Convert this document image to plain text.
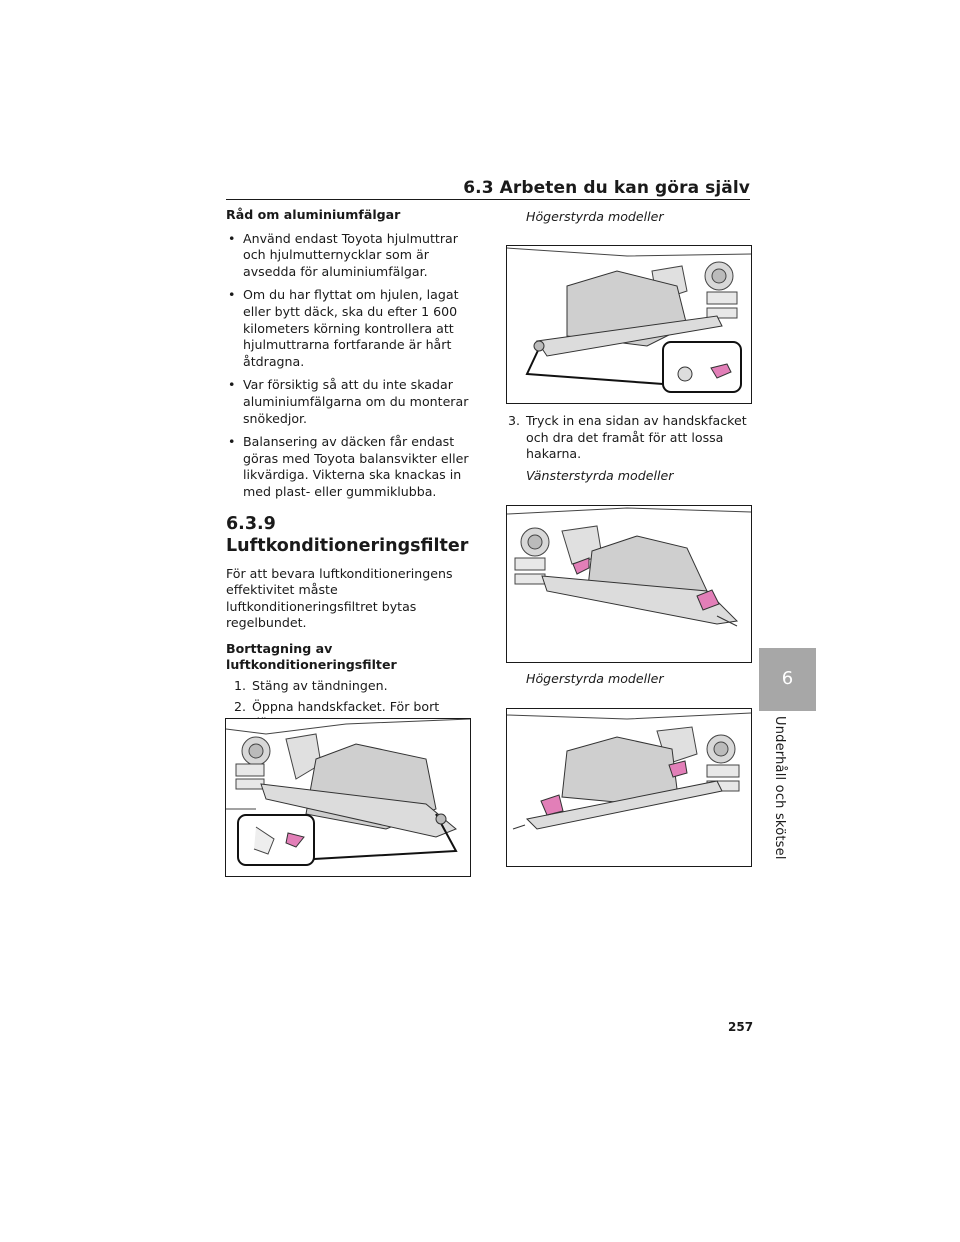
6.3 Arbeten du kan göra själv

Råd om aluminiumfälgar

• Använd endast Toyota hjulmuttrar och hjulmutternycklar som är avsedda för aluminiumfälgar.
• Om du har flyttat om hjulen, lagat eller bytt däck, ska du efter 1 600 kilometers körning kontrollera att hjulmuttrarna fortfarande är hårt åtdragna.
• Var försiktig så att du inte skadar aluminiumfälgarna om du monterar snökedjor.
• Balansering av däcken får endast göras med Toyota balansvikter eller likvärdiga. Vikterna ska knackas in med plast- eller gummiklubba.
6.3.9 Luftkonditioneringsfilter

För att bevara luftkonditioneringens effektivitet måste luftkonditioneringsfiltret bytas regelbundet.

Borttagning av

luftkonditioneringsfilter

1. Stäng av tändningen.
2. Öppna handskfacket. För bort

Högerstyrda modeller

3. Tryck in ena sidan av handskfacket och dra det framåt för att lossa hakarna.

Vänsterstyrda modeller

Högerstyrda modeller	6
Underhåll och skötsel
257
